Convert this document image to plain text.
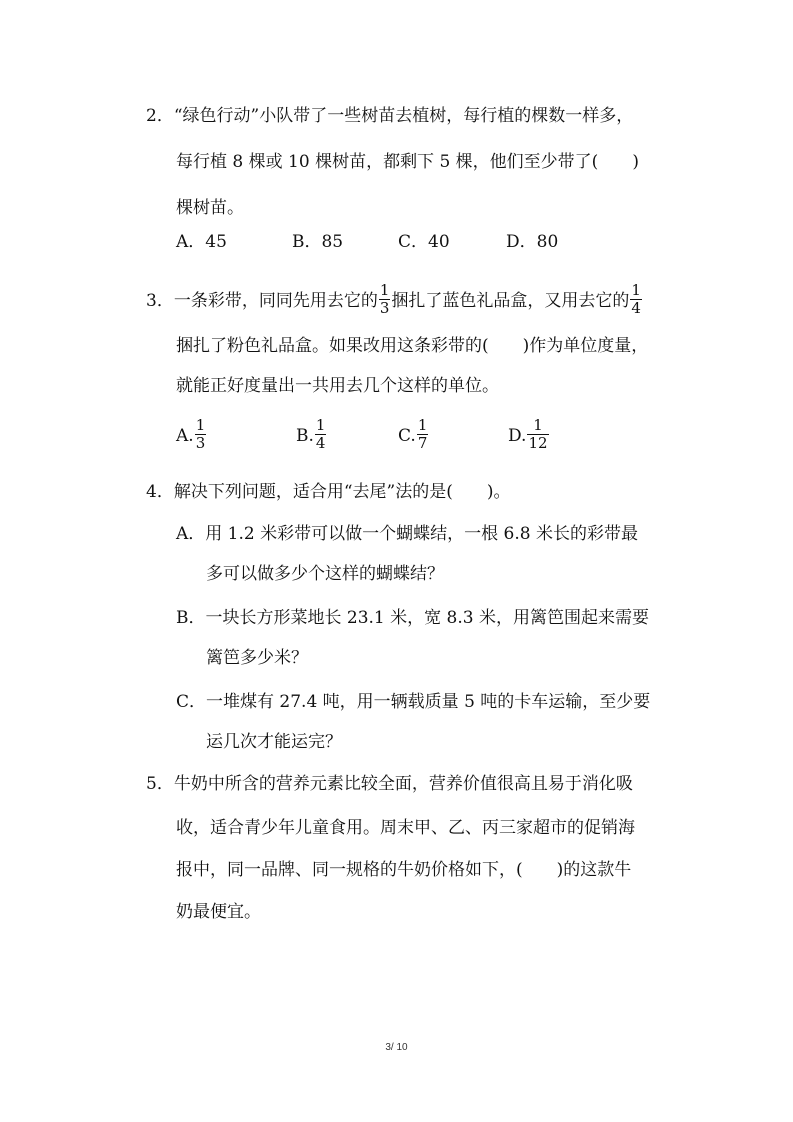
2．“绿色行动”小队带了一些树苗去植树，每行植的棵数一样多，
每行植 8 棵或 10 棵树苗，都剩下 5 棵，他们至少带了(　　)
棵树苗。
A．45	B．85	C．40	D．80
3．一条彩带，同同先用去它的 $\frac{1}{3}$ 捆扎了蓝色礼品盒，又用去它的 $\frac{1}{4}$
捆扎了粉色礼品盒。如果改用这条彩带的(　　)作为单位度量，
就能正好度量出一共用去几个这样的单位。
A. $\frac{1}{3}$	B. $\frac{1}{4}$	C. $\frac{1}{7}$	D. $\frac{1}{12}$
4．解决下列问题，适合用“去尾”法的是(　　)。
A．用 1.2 米彩带可以做一个蝴蝶结，一根 6.8 米长的彩带最
多可以做多少个这样的蝴蝶结？
B．一块长方形菜地长 23.1 米，宽 8.3 米，用篱笆围起来需要
篱笆多少米？
C．一堆煤有 27.4 吨，用一辆载质量 5 吨的卡车运输，至少要
运几次才能运完？
5．牛奶中所含的营养元素比较全面，营养价值很高且易于消化吸
收，适合青少年儿童食用。周末甲、乙、丙三家超市的促销海
报中，同一品牌、同一规格的牛奶价格如下，(　　)的这款牛
奶最便宜。
3/ 10
